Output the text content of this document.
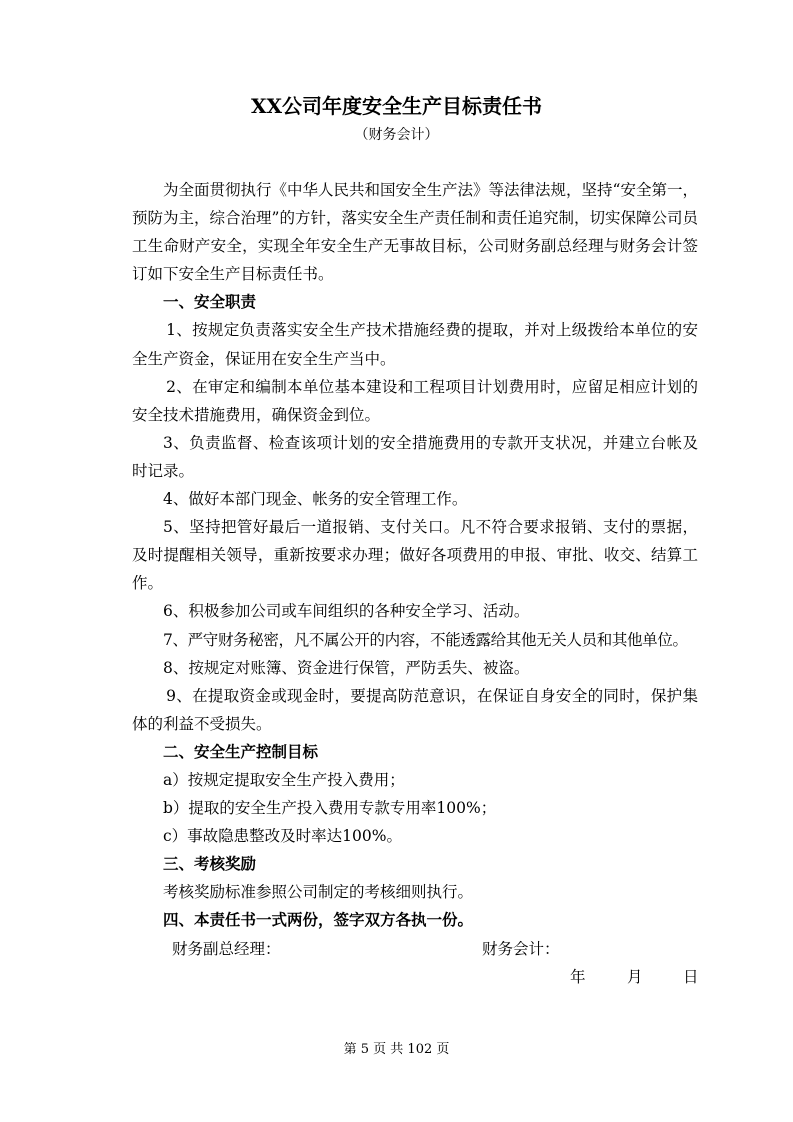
XX公司年度安全生产目标责任书
（财务会计）

为全面贯彻执行《中华人民共和国安全生产法》等法律法规，坚持“安全第一，预防为主，综合治理”的方针，落实安全生产责任制和责任追究制，切实保障公司员工生命财产安全，实现全年安全生产无事故目标，公司财务副总经理与财务会计签订如下安全生产目标责任书。

一、安全职责

1、按规定负责落实安全生产技术措施经费的提取，并对上级拨给本单位的安全生产资金，保证用在安全生产当中。

2、在审定和编制本单位基本建设和工程项目计划费用时，应留足相应计划的安全技术措施费用，确保资金到位。

3、负责监督、检查该项计划的安全措施费用的专款开支状况，并建立台帐及时记录。

4、做好本部门现金、帐务的安全管理工作。

5、坚持把管好最后一道报销、支付关口。凡不符合要求报销、支付的票据，及时提醒相关领导，重新按要求办理；做好各项费用的申报、审批、收交、结算工作。

6、积极参加公司或车间组织的各种安全学习、活动。

7、严守财务秘密，凡不属公开的内容，不能透露给其他无关人员和其他单位。

8、按规定对账簿、资金进行保管，严防丢失、被盗。

9、在提取资金或现金时，要提高防范意识，在保证自身安全的同时，保护集体的利益不受损失。

二、安全生产控制目标

a）按规定提取安全生产投入费用；

b）提取的安全生产投入费用专款专用率100%；

c）事故隐患整改及时率达100%。

三、考核奖励

考核奖励标准参照公司制定的考核细则执行。

四、本责任书一式两份，签字双方各执一份。

财务副总经理：	财务会计：
年	月	日
第 5 页 共 102 页
